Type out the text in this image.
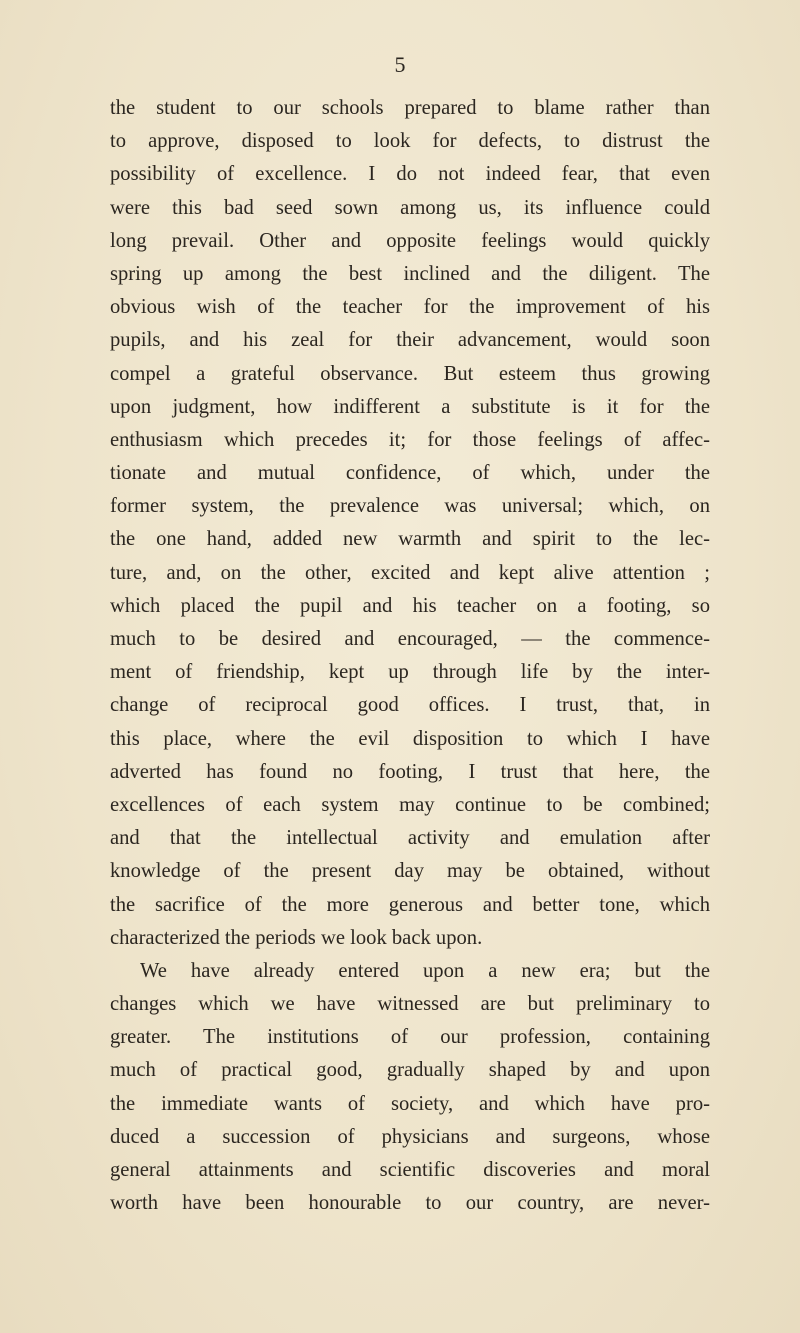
5
the student to our schools prepared to blame rather than
to approve, disposed to look for defects, to distrust the
possibility of excellence. I do not indeed fear, that even
were this bad seed sown among us, its influence could
long prevail. Other and opposite feelings would quickly
spring up among the best inclined and the diligent. The
obvious wish of the teacher for the improvement of his
pupils, and his zeal for their advancement, would soon
compel a grateful observance. But esteem thus growing
upon judgment, how indifferent a substitute is it for the
enthusiasm which precedes it; for those feelings of affec-
tionate and mutual confidence, of which, under the
former system, the prevalence was universal; which, on
the one hand, added new warmth and spirit to the lec-
ture, and, on the other, excited and kept alive attention ;
which placed the pupil and his teacher on a footing, so
much to be desired and encouraged, — the commence-
ment of friendship, kept up through life by the inter-
change of reciprocal good offices. I trust, that, in
this place, where the evil disposition to which I have
adverted has found no footing, I trust that here, the
excellences of each system may continue to be combined;
and that the intellectual activity and emulation after
knowledge of the present day may be obtained, without
the sacrifice of the more generous and better tone, which
characterized the periods we look back upon.
We have already entered upon a new era; but the
changes which we have witnessed are but preliminary to
greater. The institutions of our profession, containing
much of practical good, gradually shaped by and upon
the immediate wants of society, and which have pro-
duced a succession of physicians and surgeons, whose
general attainments and scientific discoveries and moral
worth have been honourable to our country, are never-
